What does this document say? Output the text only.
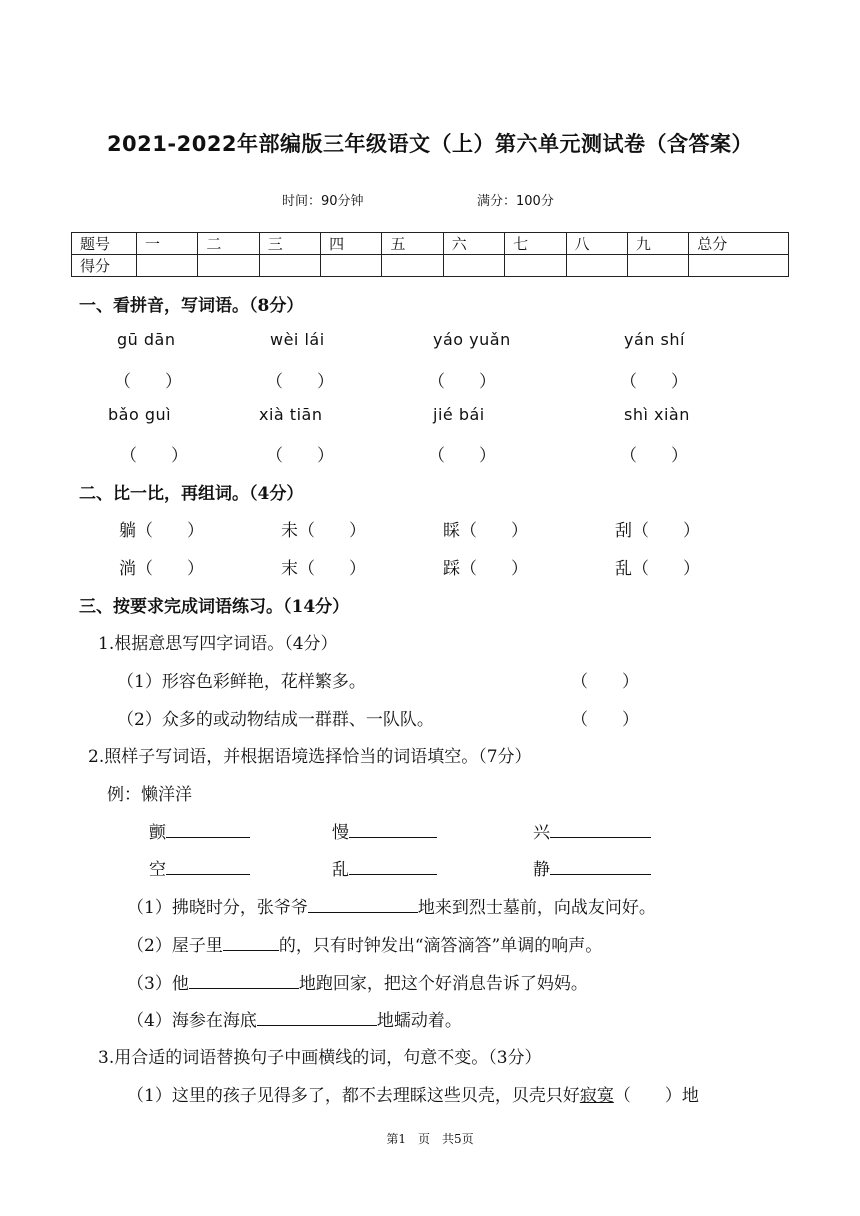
2021-2022年部编版三年级语文（上）第六单元测试卷（含答案）
时间：90分钟	满分：100分
题号	一	二	三	四	五	六	七	八	九	总分
得分										
一、看拼音，写词语。（8分）
gū dān	wèi lái	yáo yuǎn	yán shí
（　　）	（　　）	（　　）	（　　）
bǎo guì	xià tiān	jié bái	shì xiàn
（　　）	（　　）	（　　）	（　　）
二、比一比，再组词。（4分）
躺（　　）	未（　　）	睬（　　）	刮（　　）
淌（　　）	末（　　）	踩（　　）	乱（　　）
三、按要求完成词语练习。（14分）
1.根据意思写四字词语。（4分）
（1）形容色彩鲜艳，花样繁多。	（　　）
（2）众多的或动物结成一群群、一队队。	（　　）
2.照样子写词语，并根据语境选择恰当的词语填空。（7分）
例：懒洋洋
颤	慢	兴
空	乱	静
（1）拂晓时分，张爷爷	地来到烈士墓前，向战友问好。
（2）屋子里	的，只有时钟发出“滴答滴答”单调的响声。
（3）他	地跑回家，把这个好消息告诉了妈妈。
（4）海参在海底	地蠕动着。
3.用合适的词语替换句子中画横线的词，句意不变。（3分）
（1）这里的孩子见得多了，都不去理睬这些贝壳，贝壳只好寂寞（　　）地
第1　页　共5页
